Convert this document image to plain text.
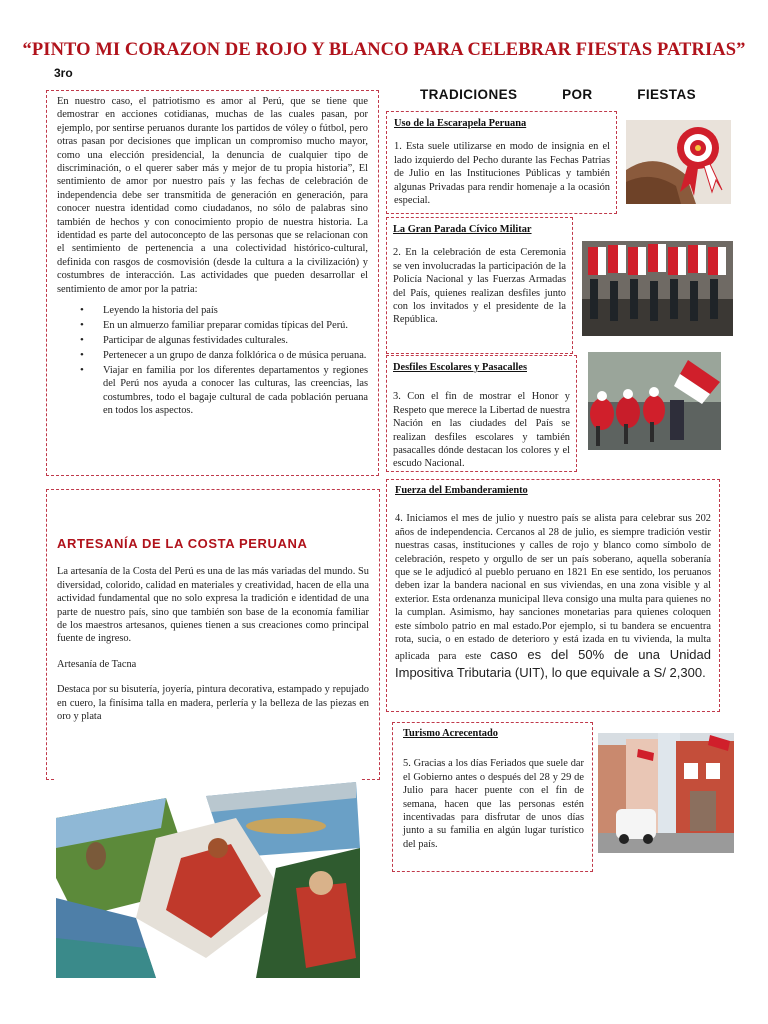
“PINTO MI CORAZON DE ROJO Y BLANCO PARA CELEBRAR FIESTAS PATRIAS”
3ro

En nuestro caso, el patriotismo es amor al Perú, que se tiene que demostrar en acciones cotidianas, muchas de las cuales pasan, por ejemplo, por sentirse peruanos durante los partidos de vóley o fútbol, pero otras pasan por decisiones que implican un compromiso mucho mayor, como una elección presidencial, la denuncia de cualquier tipo de discriminación, o el querer saber más y mejor de tu propia historia”, El sentimiento de amor por nuestro país y las fechas de celebración de independencia debe ser transmitida de generación en generación, para conocer nuestra identidad como ciudadanos, no sólo de palabras sino también de hechos y con conocimiento propio de nuestra historia. La identidad es parte del autoconcepto de las personas que se relacionan con el sentimiento de pertenencia a una colectividad histórico-cultural, definida con rasgos de cosmovisión (desde la cultura a la civilización) y costumbres de interacción. Las actividades que pueden desarrollar el sentimiento de amor por la patria:

• Leyendo la historia del país
• En un almuerzo familiar preparar comidas típicas del Perú.
• Participar de algunas festividades culturales.
• Pertenecer a un grupo de danza folklórica o de música peruana.
• Viajar en familia por los diferentes departamentos y regiones del Perú nos ayuda a conocer las culturas, las creencias, las costumbres, todo el bagaje cultural de cada población peruana en todos los aspectos.
TRADICIONES	POR	FIESTAS
Uso de la Escarapela Peruana

1. Esta suele utilizarse en modo de insignia en el lado izquierdo del Pecho durante las Fechas Patrias de Julio en las Instituciones Públicas y también algunas Privadas para rendir homenaje a la ocasión especial.

La Gran Parada Cívico Militar

2. En la celebración de esta Ceremonia se ven involucradas la participación de la Policía Nacional y las Fuerzas Armadas del País, quienes realizan desfiles junto con los invitados y el presidente de la República.

Desfiles Escolares y Pasacalles

3. Con el fin de mostrar el Honor y Respeto que merece la Libertad de nuestra Nación en las ciudades del País se realizan desfiles escolares y también pasacalles dónde destacan los colores y el escudo Nacional.

Fuerza del Embanderamiento

4. Iniciamos el mes de julio y nuestro país se alista para celebrar sus 202 años de independencia. Cercanos al 28 de julio, es siempre tradición vestir nuestras casas, instituciones y calles de rojo y blanco como símbolo de celebración, respeto y orgullo de ser un país soberano, aquella soberanía que se le adjudicó al pueblo peruano en 1821 En ese sentido, los peruanos deben izar la bandera nacional en sus viviendas, en una zona visible y al exterior. Esta ordenanza municipal lleva consigo una multa para quienes no la cumplan. Asimismo, hay sanciones monetarias para quienes coloquen este símbolo patrio en mal estado.Por ejemplo, si tu bandera se encuentra rota, sucia, o en estado de deterioro y está izada en tu vivienda, la multa aplicada para este caso es del 50% de una Unidad Impositiva Tributaria (UIT), lo que equivale a S/ 2,300.

Turismo Acrecentado

5. Gracias a los días Feriados que suele dar el Gobierno antes o después del 28 y 29 de Julio para hacer puente con el fin de semana, hacen que las personas estén incentivadas para disfrutar de unos días junto a su familia en algún lugar turístico del país.

ARTESANÍA DE LA COSTA PERUANA

La artesanía de la Costa del Perú es una de las más variadas del mundo. Su diversidad, colorido, calidad en materiales y creatividad, hacen de ella una actividad fundamental que no solo expresa la tradición e identidad de una parte de nuestro país, sino que también son base de la economía familiar de los maestros artesanos, quienes tienen a sus creaciones como principal fuente de ingreso.

Artesanía de Tacna

Destaca por su bisutería, joyería, pintura decorativa, estampado y repujado en cuero, la finísima talla en madera, perlería y la belleza de las piezas en oro y plata
